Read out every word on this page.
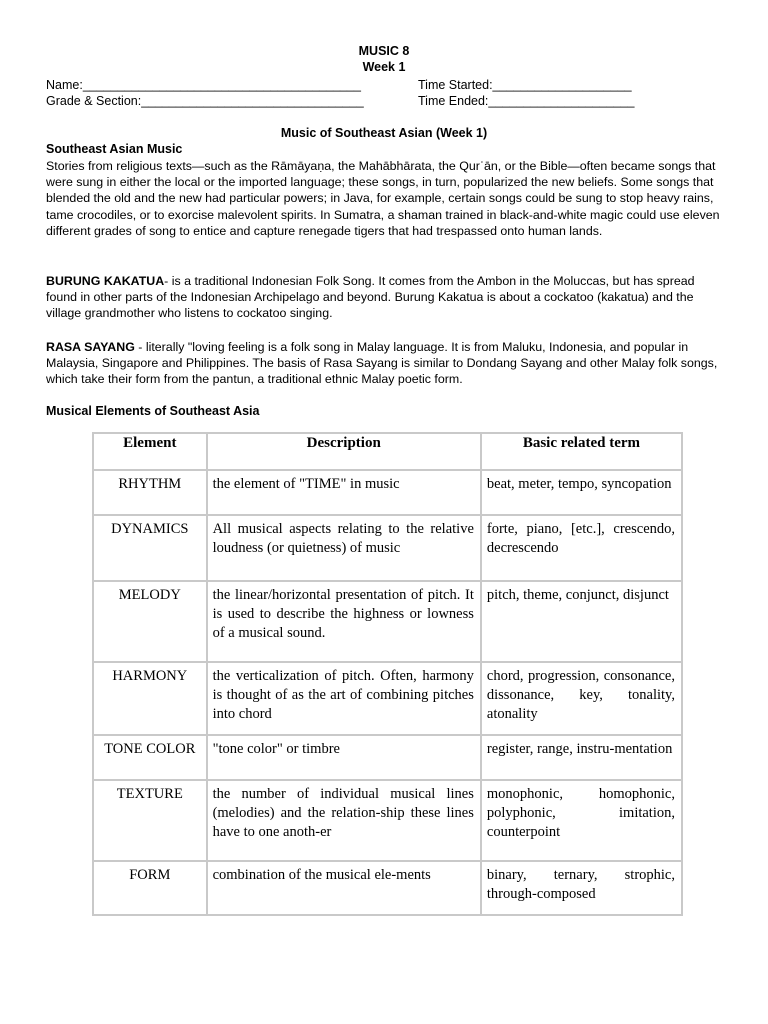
MUSIC 8
Week 1
Name:________________________________________	Time Started:____________________
Grade & Section:________________________________	Time Ended:_____________________
Music of Southeast Asian (Week 1)
Southeast Asian Music
Stories from religious texts—such as the Rāmāyaṇa, the Mahābhārata, the Qurʾān, or the Bible—often became songs that were sung in either the local or the imported language; these songs, in turn, popularized the new beliefs. Some songs that blended the old and the new had particular powers; in Java, for example, certain songs could be sung to stop heavy rains, tame crocodiles, or to exorcise malevolent spirits. In Sumatra, a shaman trained in black-and-white magic could use eleven different grades of song to entice and capture renegade tigers that had trespassed onto human lands.
BURUNG KAKATUA- is a traditional Indonesian Folk Song. It comes from the Ambon in the Moluccas, but has spread found in other parts of the Indonesian Archipelago and beyond. Burung Kakatua is about a cockatoo (kakatua) and the village grandmother who listens to cockatoo singing.
RASA SAYANG - literally "loving feeling is a folk song in Malay language. It is from Maluku, Indonesia, and popular in Malaysia, Singapore and Philippines. The basis of Rasa Sayang is similar to Dondang Sayang and other Malay folk songs, which take their form from the pantun, a traditional ethnic Malay poetic form.
Musical Elements of Southeast Asia
Element	Description	Basic related term
RHYTHM	the element of "TIME" in music	beat, meter, tempo, syncopation
DYNAMICS	All musical aspects relating to the relative loudness (or quietness) of music	forte, piano, [etc.], crescendo, decrescendo
MELODY	the linear/horizontal presentation of pitch. It is used to describe the highness or lowness of a musical sound.	pitch, theme, conjunct, disjunct
HARMONY	the verticalization of pitch. Often, harmony is thought of as the art of combining pitches into chord	chord, progression, consonance, dissonance, key, tonality, atonality
TONE COLOR	"tone color" or timbre	register, range, instru-mentation
TEXTURE	the number of individual musical lines (melodies) and the relation-ship these lines have to one anoth-er	monophonic, homophonic, polyphonic, imitation, counterpoint
FORM	combination of the musical ele-ments	binary, ternary, strophic, through-composed
